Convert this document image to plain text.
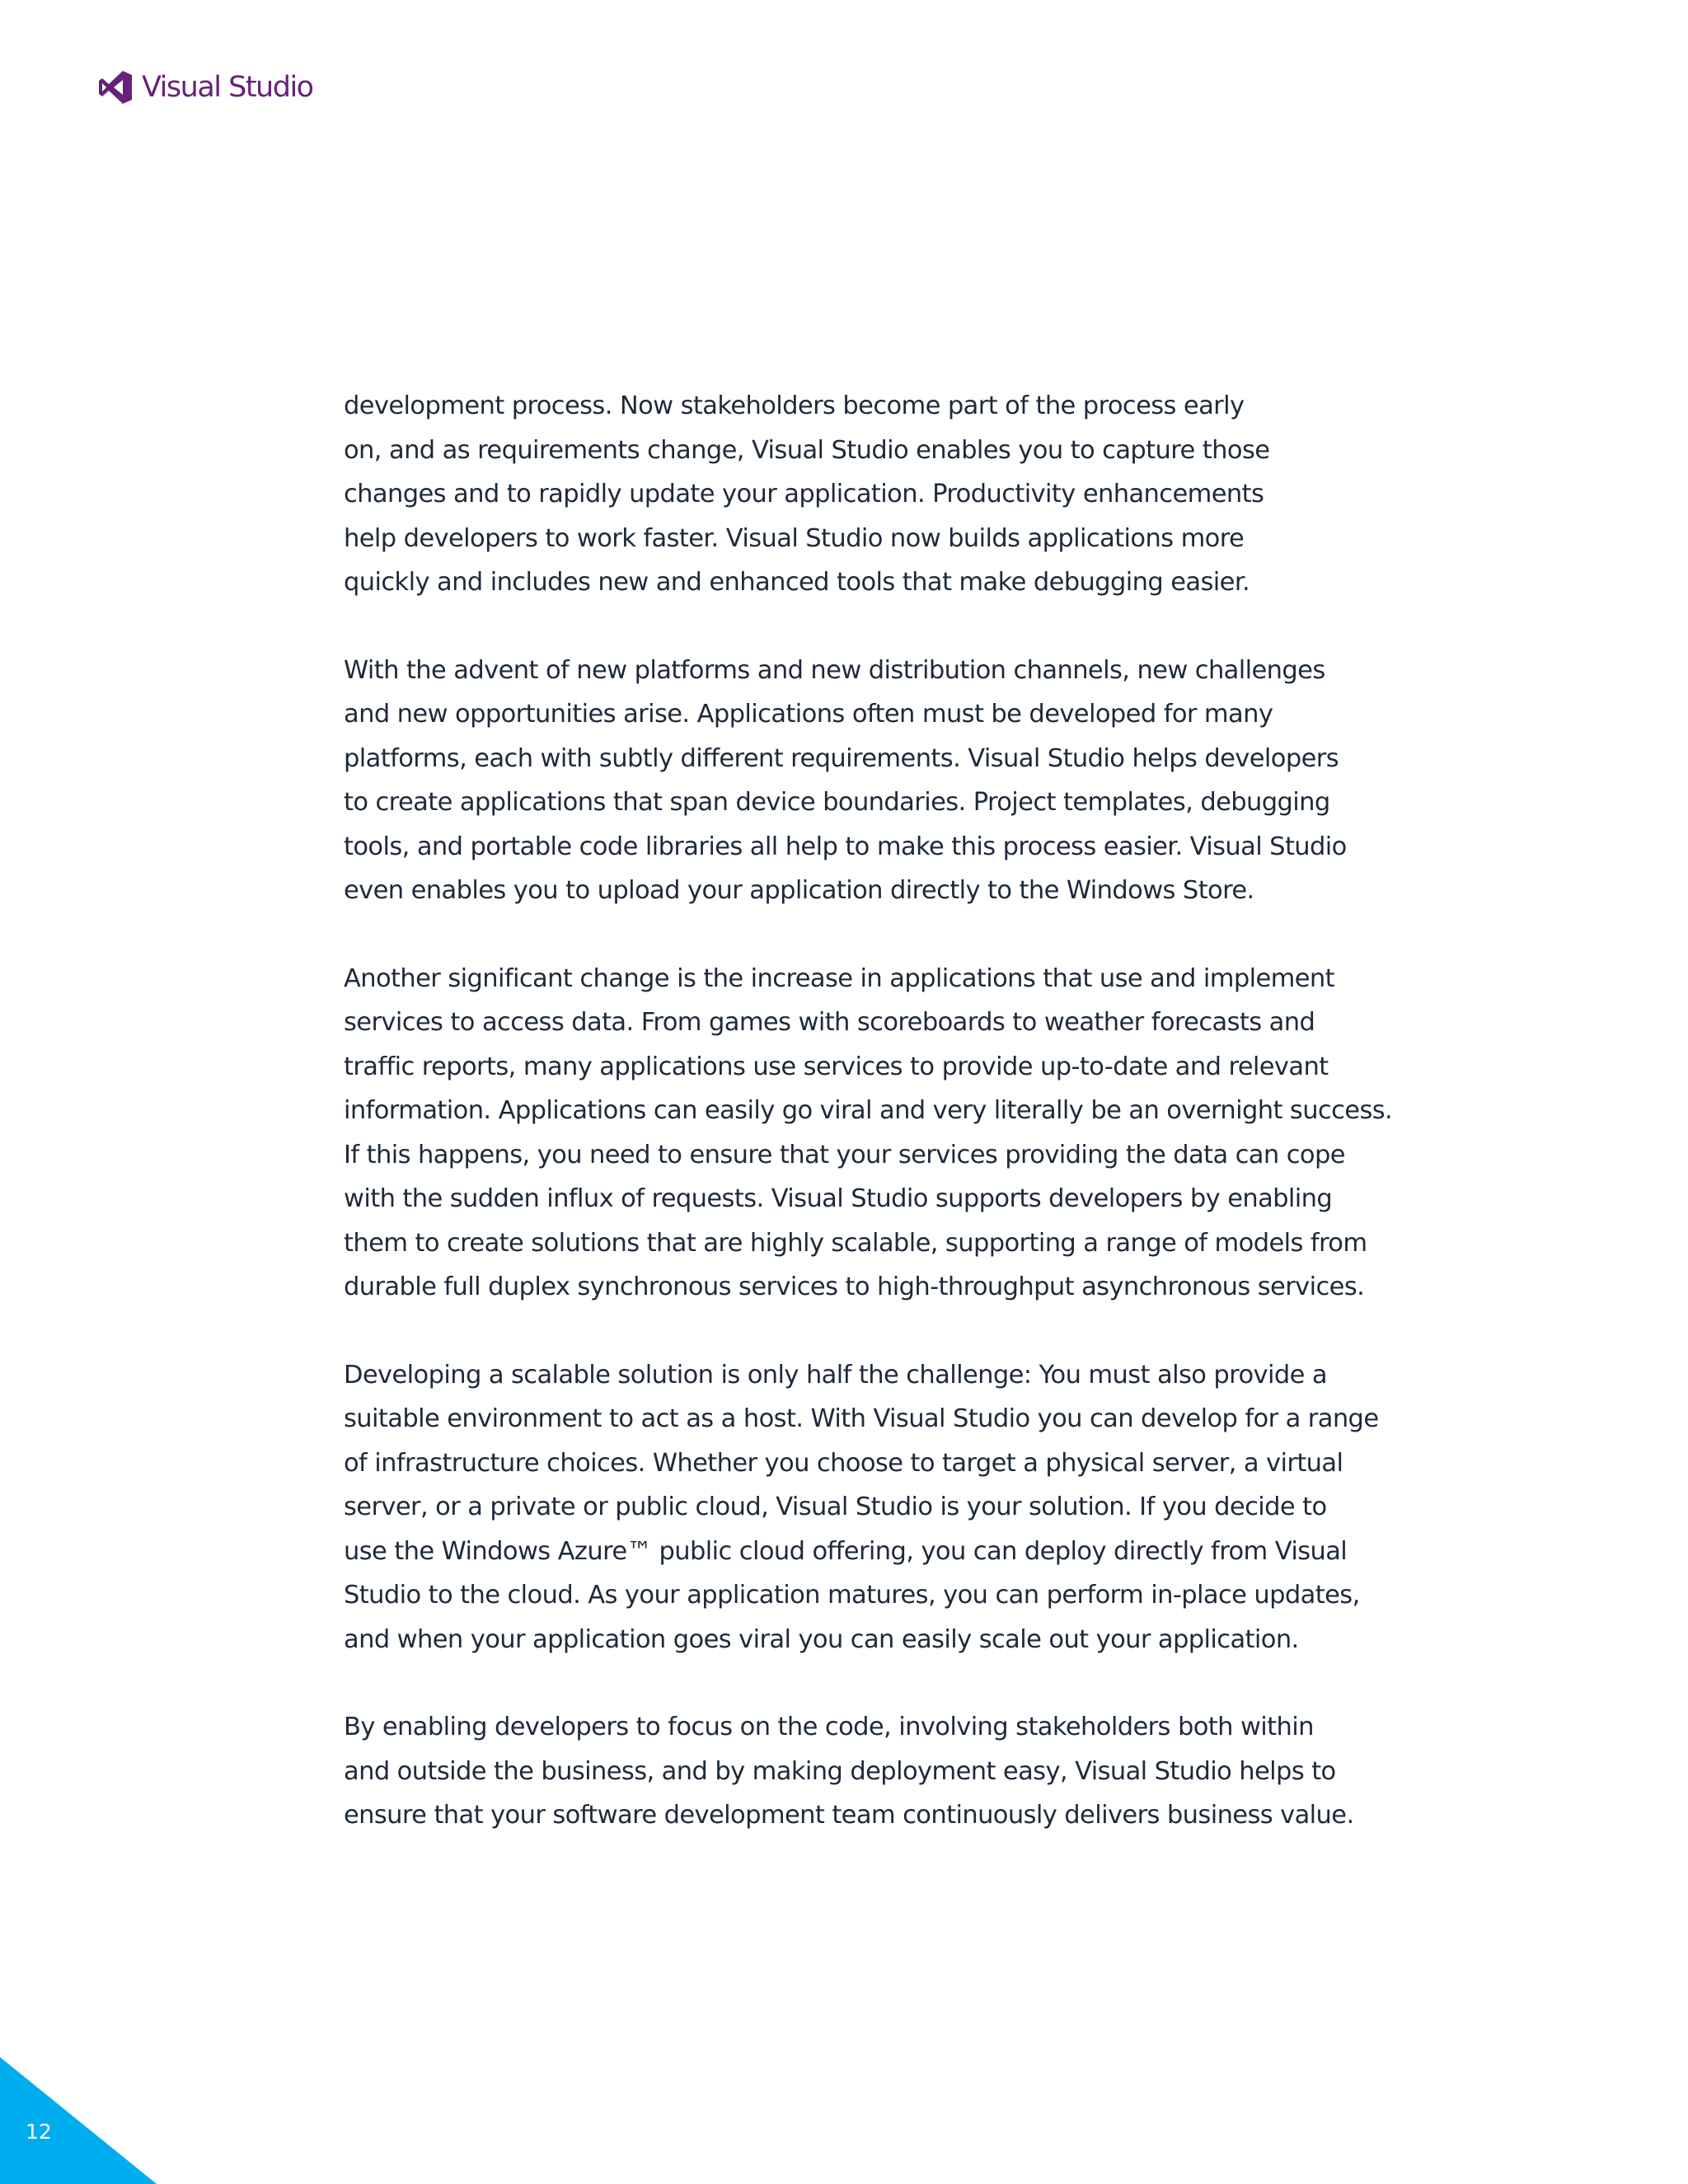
Visual Studio
development process. Now stakeholders become part of the process early
on, and as requirements change, Visual Studio enables you to capture those
changes and to rapidly update your application. Productivity enhancements
help developers to work faster. Visual Studio now builds applications more
quickly and includes new and enhanced tools that make debugging easier.
With the advent of new platforms and new distribution channels, new challenges
and new opportunities arise. Applications often must be developed for many
platforms, each with subtly different requirements. Visual Studio helps developers
to create applications that span device boundaries. Project templates, debugging
tools, and portable code libraries all help to make this process easier. Visual Studio
even enables you to upload your application directly to the Windows Store.
Another significant change is the increase in applications that use and implement
services to access data. From games with scoreboards to weather forecasts and
traffic reports, many applications use services to provide up-to-date and relevant
information. Applications can easily go viral and very literally be an overnight success.
If this happens, you need to ensure that your services providing the data can cope
with the sudden influx of requests. Visual Studio supports developers by enabling
them to create solutions that are highly scalable, supporting a range of models from
durable full duplex synchronous services to high-throughput asynchronous services.
Developing a scalable solution is only half the challenge: You must also provide a
suitable environment to act as a host. With Visual Studio you can develop for a range
of infrastructure choices. Whether you choose to target a physical server, a virtual
server, or a private or public cloud, Visual Studio is your solution. If you decide to
use the Windows Azure™ public cloud offering, you can deploy directly from Visual
Studio to the cloud. As your application matures, you can perform in-place updates,
and when your application goes viral you can easily scale out your application.
By enabling developers to focus on the code, involving stakeholders both within
and outside the business, and by making deployment easy, Visual Studio helps to
ensure that your software development team continuously delivers business value.
12
